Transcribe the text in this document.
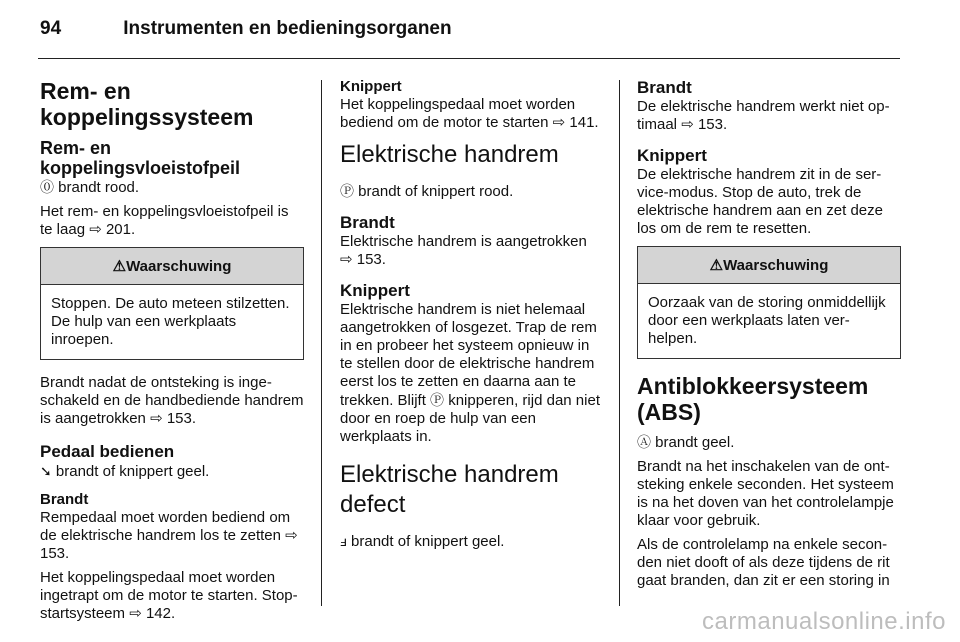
94	Instrumenten en bedieningsorganen
Rem- en koppelingssysteem
Rem- en koppelingsvloeistofpeil

⓪ brandt rood.

Het rem- en koppelingsvloeistofpeil is te laag ⇨ 201.

⚠Waarschuwing
Stoppen. De auto meteen stilzetten. De hulp van een werkplaats inroepen.

Brandt nadat de ontsteking is ingeschakeld en de handbediende handrem is aangetrokken ⇨ 153.

Pedaal bedienen

➘ brandt of knippert geel.

Brandt

Rempedaal moet worden bediend om de elektrische handrem los te zetten ⇨ 153.

Het koppelingspedaal moet worden ingetrapt om de motor te starten. Stop-startsysteem ⇨ 142.

Knippert

Het koppelingspedaal moet worden bediend om de motor te starten ⇨ 141.

Elektrische handrem

Ⓟ brandt of knippert rood.

Brandt

Elektrische handrem is aangetrokken ⇨ 153.

Knippert

Elektrische handrem is niet helemaal aangetrokken of losgezet. Trap de rem in en probeer het systeem opnieuw in te stellen door de elektrische handrem eerst los te zetten en daarna aan te trekken. Blijft Ⓟ knipperen, rijd dan niet door en roep de hulp van een werkplaats in.

Elektrische handrem defect

ⅎ brandt of knippert geel.

Brandt

De elektrische handrem werkt niet optimaal ⇨ 153.

Knippert

De elektrische handrem zit in de service-modus. Stop de auto, trek de elektrische handrem aan en zet deze los om de rem te resetten.

⚠Waarschuwing
Oorzaak van de storing onmiddellijk door een werkplaats laten verhelpen.
Antiblokkeersysteem (ABS)

Ⓐ brandt geel.

Brandt na het inschakelen van de ontsteking enkele seconden. Het systeem is na het doven van het controlelampje klaar voor gebruik.

Als de controlelamp na enkele seconden niet dooft of als deze tijdens de rit gaat branden, dan zit er een storing in

carmanualsonline.info
